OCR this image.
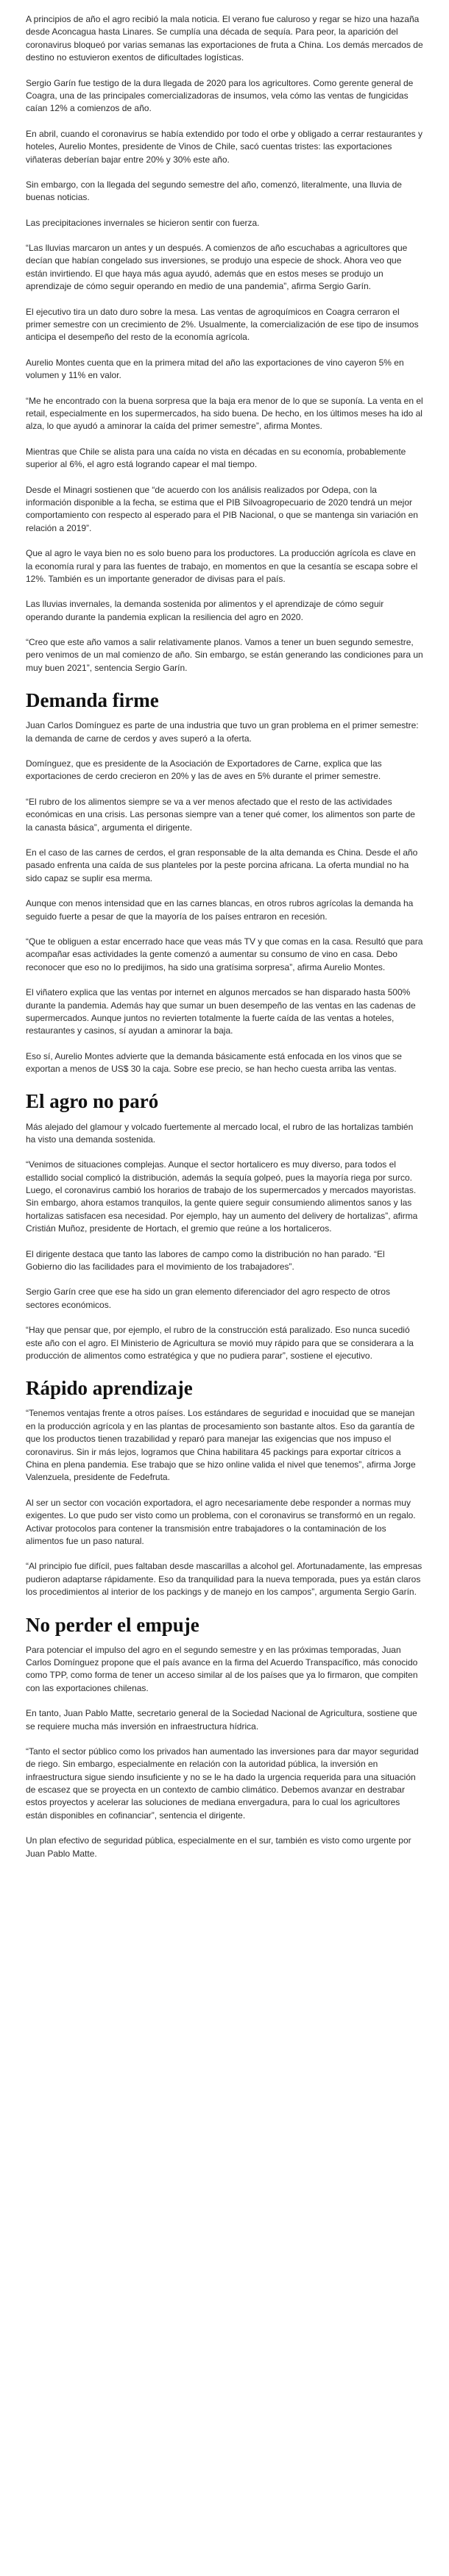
A principios de año el agro recibió la mala noticia. El verano fue caluroso y regar se hizo una hazaña desde Aconcagua hasta Linares. Se cumplía una década de sequía. Para peor, la aparición del coronavirus bloqueó por varias semanas las exportaciones de fruta a China. Los demás mercados de destino no estuvieron exentos de dificultades logísticas.

Sergio Garín fue testigo de la dura llegada de 2020 para los agricultores. Como gerente general de Coagra, una de las principales comercializadoras de insumos, vela cómo las ventas de fungicidas caían 12% a comienzos de año.

En abril, cuando el coronavirus se había extendido por todo el orbe y obligado a cerrar restaurantes y hoteles, Aurelio Montes, presidente de Vinos de Chile, sacó cuentas tristes: las exportaciones viñateras deberían bajar entre 20% y 30% este año.

Sin embargo, con la llegada del segundo semestre del año, comenzó, literalmente, una lluvia de buenas noticias.

Las precipitaciones invernales se hicieron sentir con fuerza.

“Las lluvias marcaron un antes y un después. A comienzos de año escuchabas a agricultores que decían que habían congelado sus inversiones, se produjo una especie de shock. Ahora veo que están invirtiendo. El que haya más agua ayudó, además que en estos meses se produjo un aprendizaje de cómo seguir operando en medio de una pandemia”, afirma Sergio Garín.

El ejecutivo tira un dato duro sobre la mesa. Las ventas de agroquímicos en Coagra cerraron el primer semestre con un crecimiento de 2%. Usualmente, la comercialización de ese tipo de insumos anticipa el desempeño del resto de la economía agrícola.

Aurelio Montes cuenta que en la primera mitad del año las exportaciones de vino cayeron 5% en volumen y 11% en valor.

“Me he encontrado con la buena sorpresa que la baja era menor de lo que se suponía. La venta en el retail, especialmente en los supermercados, ha sido buena. De hecho, en los últimos meses ha ido al alza, lo que ayudó a aminorar la caída del primer semestre”, afirma Montes.

Mientras que Chile se alista para una caída no vista en décadas en su economía, probablemente superior al 6%, el agro está logrando capear el mal tiempo.

Desde el Minagri sostienen que “de acuerdo con los análisis realizados por Odepa, con la información disponible a la fecha, se estima que el PIB Silvoagropecuario de 2020 tendrá un mejor comportamiento con respecto al esperado para el PIB Nacional, o que se mantenga sin variación en relación a 2019”.

Que al agro le vaya bien no es solo bueno para los productores. La producción agrícola es clave en la economía rural y para las fuentes de trabajo, en momentos en que la cesantía se escapa sobre el 12%. También es un importante generador de divisas para el país.

Las lluvias invernales, la demanda sostenida por alimentos y el aprendizaje de cómo seguir operando durante la pandemia explican la resiliencia del agro en 2020.

“Creo que este año vamos a salir relativamente planos. Vamos a tener un buen segundo semestre, pero venimos de un mal comienzo de año. Sin embargo, se están generando las condiciones para un muy buen 2021”, sentencia Sergio Garín.

Demanda firme

Juan Carlos Domínguez es parte de una industria que tuvo un gran problema en el primer semestre: la demanda de carne de cerdos y aves superó a la oferta.

Domínguez, que es presidente de la Asociación de Exportadores de Carne, explica que las exportaciones de cerdo crecieron en 20% y las de aves en 5% durante el primer semestre.

“El rubro de los alimentos siempre se va a ver menos afectado que el resto de las actividades económicas en una crisis. Las personas siempre van a tener qué comer, los alimentos son parte de la canasta básica”, argumenta el dirigente.

En el caso de las carnes de cerdos, el gran responsable de la alta demanda es China. Desde el año pasado enfrenta una caída de sus planteles por la peste porcina africana. La oferta mundial no ha sido capaz se suplir esa merma.

Aunque con menos intensidad que en las carnes blancas, en otros rubros agrícolas la demanda ha seguido fuerte a pesar de que la mayoría de los países entraron en recesión.

“Que te obliguen a estar encerrado hace que veas más TV y que comas en la casa. Resultó que para acompañar esas actividades la gente comenzó a aumentar su consumo de vino en casa. Debo reconocer que eso no lo predijimos, ha sido una gratísima sorpresa”, afirma Aurelio Montes.

El viñatero explica que las ventas por internet en algunos mercados se han disparado hasta 500% durante la pandemia. Además hay que sumar un buen desempeño de las ventas en las cadenas de supermercados. Aunque juntos no revierten totalmente la fuerte caída de las ventas a hoteles, restaurantes y casinos, sí ayudan a aminorar la baja.

Eso sí, Aurelio Montes advierte que la demanda básicamente está enfocada en los vinos que se exportan a menos de US$ 30 la caja. Sobre ese precio, se han hecho cuesta arriba las ventas.

El agro no paró

Más alejado del glamour y volcado fuertemente al mercado local, el rubro de las hortalizas también ha visto una demanda sostenida.

“Venimos de situaciones complejas. Aunque el sector hortalicero es muy diverso, para todos el estallido social complicó la distribución, además la sequía golpeó, pues la mayoría riega por surco. Luego, el coronavirus cambió los horarios de trabajo de los supermercados y mercados mayoristas. Sin embargo, ahora estamos tranquilos, la gente quiere seguir consumiendo alimentos sanos y las hortalizas satisfacen esa necesidad. Por ejemplo, hay un aumento del delivery de hortalizas”, afirma Cristián Muñoz, presidente de Hortach, el gremio que reúne a los hortaliceros.

El dirigente destaca que tanto las labores de campo como la distribución no han parado. “El Gobierno dio las facilidades para el movimiento de los trabajadores”.

Sergio Garín cree que ese ha sido un gran elemento diferenciador del agro respecto de otros sectores económicos.

“Hay que pensar que, por ejemplo, el rubro de la construcción está paralizado. Eso nunca sucedió este año con el agro. El Ministerio de Agricultura se movió muy rápido para que se considerara a la producción de alimentos como estratégica y que no pudiera parar”, sostiene el ejecutivo.

Rápido aprendizaje

“Tenemos ventajas frente a otros países. Los estándares de seguridad e inocuidad que se manejan en la producción agrícola y en las plantas de procesamiento son bastante altos. Eso da garantía de que los productos tienen trazabilidad y reparó para manejar las exigencias que nos impuso el coronavirus. Sin ir más lejos, logramos que China habilitara 45 packings para exportar cítricos a China en plena pandemia. Ese trabajo que se hizo online valida el nivel que tenemos”, afirma Jorge Valenzuela, presidente de Fedefruta.

Al ser un sector con vocación exportadora, el agro necesariamente debe responder a normas muy exigentes. Lo que pudo ser visto como un problema, con el coronavirus se transformó en un regalo. Activar protocolos para contener la transmisión entre trabajadores o la contaminación de los alimentos fue un paso natural.

“Al principio fue difícil, pues faltaban desde mascarillas a alcohol gel. Afortunadamente, las empresas pudieron adaptarse rápidamente. Eso da tranquilidad para la nueva temporada, pues ya están claros los procedimientos al interior de los packings y de manejo en los campos”, argumenta Sergio Garín.

No perder el empuje

Para potenciar el impulso del agro en el segundo semestre y en las próximas temporadas, Juan Carlos Domínguez propone que el país avance en la firma del Acuerdo Transpacífico, más conocido como TPP, como forma de tener un acceso similar al de los países que ya lo firmaron, que compiten con las exportaciones chilenas.

En tanto, Juan Pablo Matte, secretario general de la Sociedad Nacional de Agricultura, sostiene que se requiere mucha más inversión en infraestructura hídrica.

“Tanto el sector público como los privados han aumentado las inversiones para dar mayor seguridad de riego. Sin embargo, especialmente en relación con la autoridad pública, la inversión en infraestructura sigue siendo insuficiente y no se le ha dado la urgencia requerida para una situación de escasez que se proyecta en un contexto de cambio climático. Debemos avanzar en destrabar estos proyectos y acelerar las soluciones de mediana envergadura, para lo cual los agricultores están disponibles en cofinanciar”, sentencia el dirigente.

Un plan efectivo de seguridad pública, especialmente en el sur, también es visto como urgente por Juan Pablo Matte.
